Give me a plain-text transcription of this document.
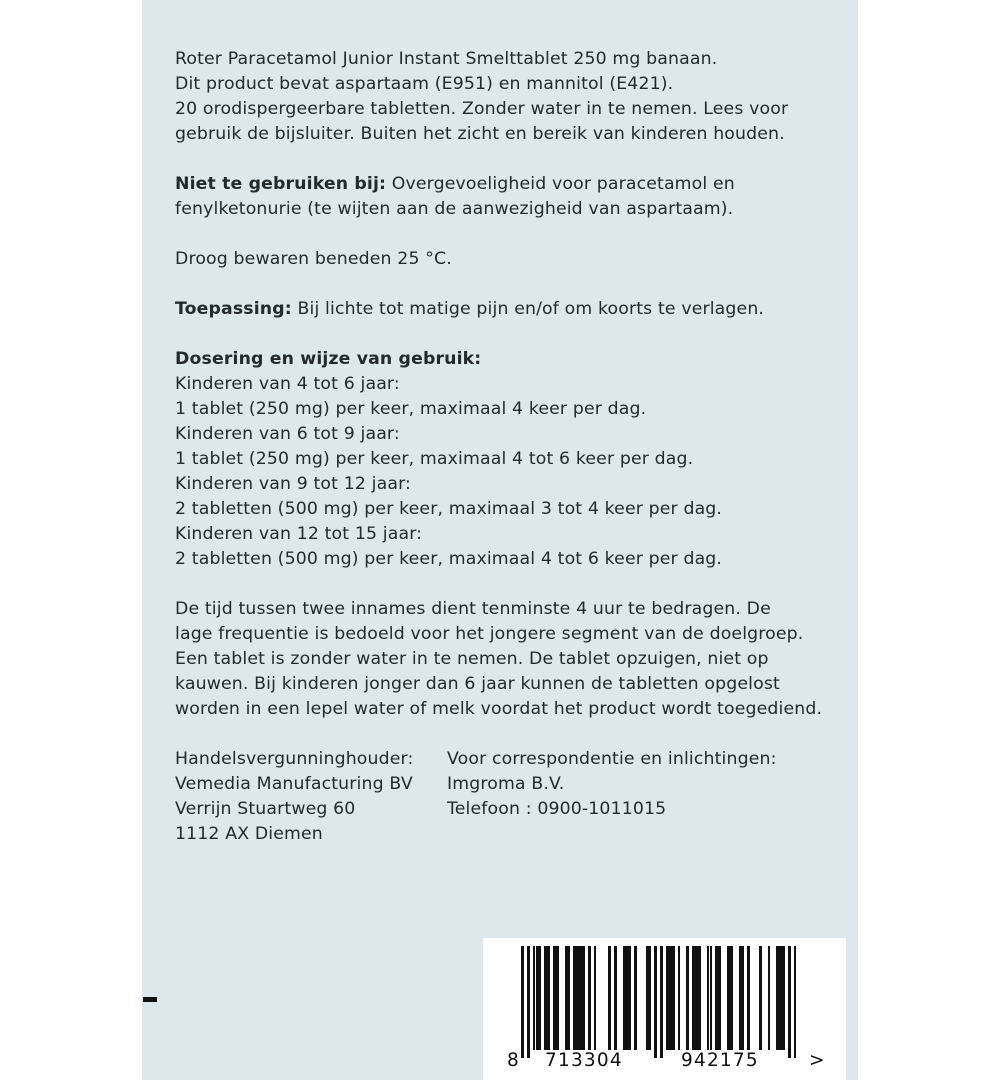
Roter Paracetamol Junior Instant Smelttablet 250 mg banaan.

Dit product bevat aspartaam (E951) en mannitol (E421).

20 orodispergeerbare tabletten. Zonder water in te nemen. Lees voor

gebruik de bijsluiter. Buiten het zicht en bereik van kinderen houden.

Niet te gebruiken bij: Overgevoeligheid voor paracetamol en

fenylketonurie (te wijten aan de aanwezigheid van aspartaam).

Droog bewaren beneden 25 °C.

Toepassing: Bij lichte tot matige pijn en/of om koorts te verlagen.

Dosering en wijze van gebruik:

Kinderen van 4 tot 6 jaar:

1 tablet (250 mg) per keer, maximaal 4 keer per dag.

Kinderen van 6 tot 9 jaar:

1 tablet (250 mg) per keer, maximaal 4 tot 6 keer per dag.

Kinderen van 9 tot 12 jaar:

2 tabletten (500 mg) per keer, maximaal 3 tot 4 keer per dag.

Kinderen van 12 tot 15 jaar:

2 tabletten (500 mg) per keer, maximaal 4 tot 6 keer per dag.

De tijd tussen twee innames dient tenminste 4 uur te bedragen. De

lage frequentie is bedoeld voor het jongere segment van de doelgroep.

Een tablet is zonder water in te nemen. De tablet opzuigen, niet op

kauwen. Bij kinderen jonger dan 6 jaar kunnen de tabletten opgelost

worden in een lepel water of melk voordat het product wordt toegediend.

Handelsvergunninghouder:

Vemedia Manufacturing BV

Verrijn Stuartweg 60

1112 AX Diemen

Voor correspondentie en inlichtingen:

Imgroma B.V.

Telefoon : 0900-1011015

8 713304	942175	>
